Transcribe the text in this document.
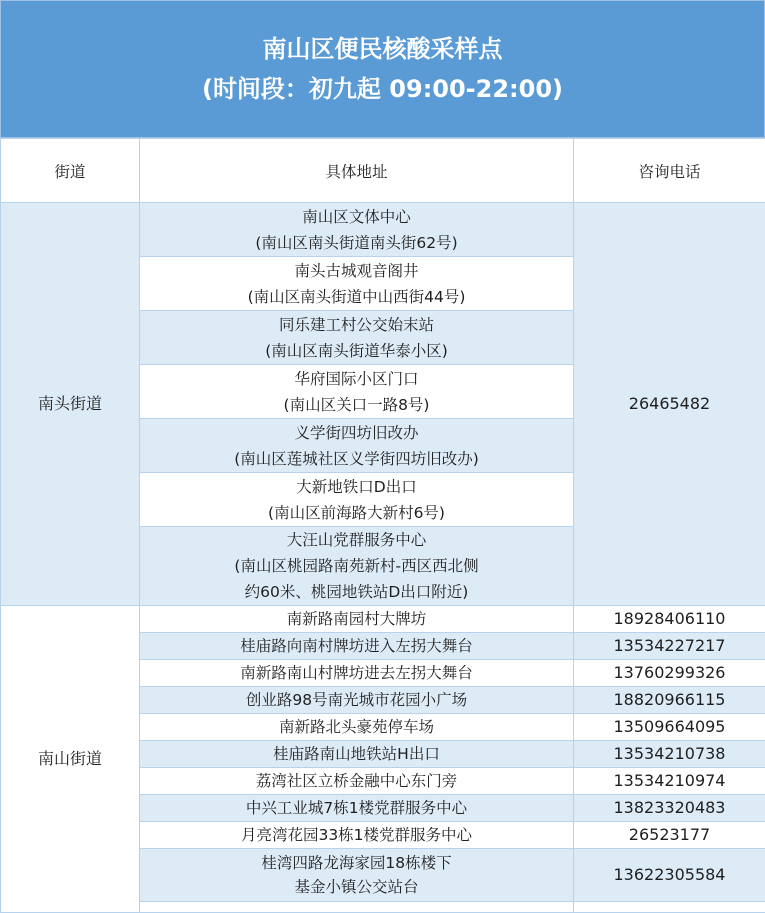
南山区便民核酸采样点
(时间段：初九起 09:00-22:00)
街道	具体地址	咨询电话
南头街道	南山区文体中心
(南山区南头街道南头街62号)	26465482

	南头古城观音阁井
(南山区南头街道中山西街44号)	

	同乐建工村公交始末站
(南山区南头街道华泰小区)	

	华府国际小区门口
(南山区关口一路8号)	

	义学街四坊旧改办
(南山区莲城社区义学街四坊旧改办)	

	大新地铁口D出口
(南山区前海路大新村6号)	

	大汪山党群服务中心
(南山区桃园路南苑新村-西区西北侧
约60米、桃园地铁站D出口附近)	

南山街道	南新路南园村大牌坊	18928406110
	桂庙路向南村牌坊进入左拐大舞台	13534227217
	南新路南山村牌坊进去左拐大舞台	13760299326
	创业路98号南光城市花园小广场	18820966115
	南新路北头豪苑停车场	13509664095
	桂庙路南山地铁站H出口	13534210738
	荔湾社区立桥金融中心东门旁	13534210974
	中兴工业城7栋1楼党群服务中心	13823320483
	月亮湾花园33栋1楼党群服务中心	26523177

	桂湾四路龙海家园18栋楼下
基金小镇公交站台	13622305584
